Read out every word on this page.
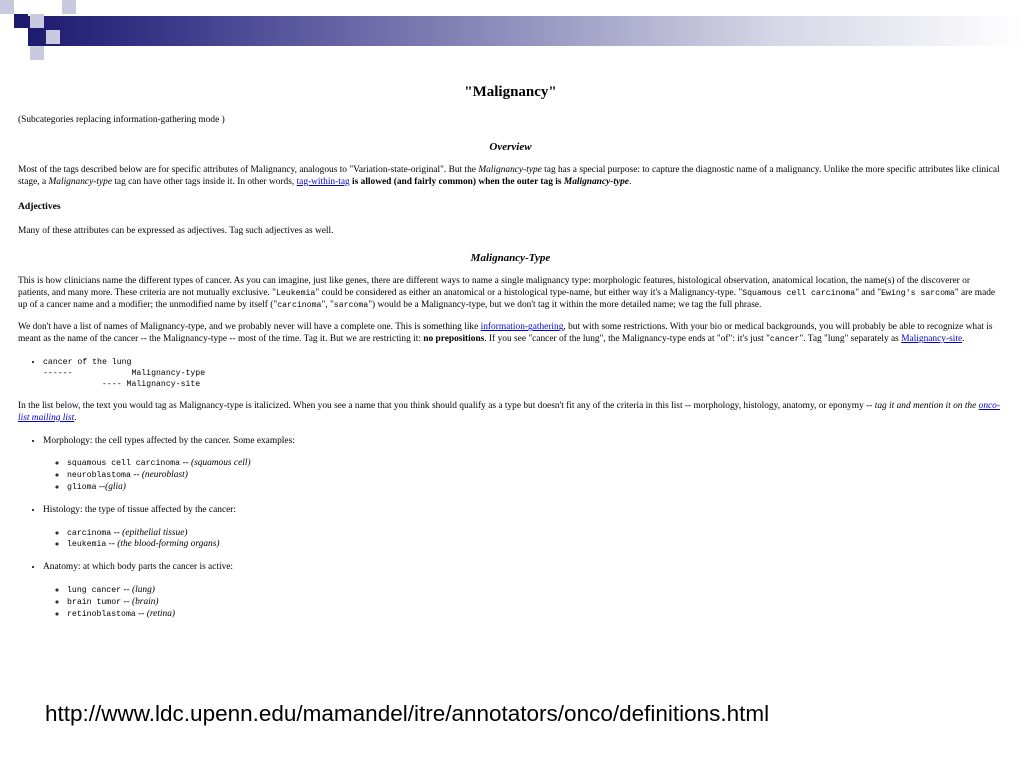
"Malignancy"

(Subcategories replacing information-gathering mode )

Overview

Most of the tags described below are for specific attributes of Malignancy, analogous to "Variation-state-original". But the Malignancy-type tag has a special purpose: to capture the diagnostic name of a malignancy. Unlike the more specific attributes like clinical stage, a Malignancy-type tag can have other tags inside it. In other words, tag-within-tag is allowed (and fairly common) when the outer tag is Malignancy-type.

Adjectives

Many of these attributes can be expressed as adjectives. Tag such adjectives as well.

Malignancy-Type

This is how clinicians name the different types of cancer. As you can imagine, just like genes, there are different ways to name a single malignancy type: morphologic features, histological observation, anatomical location, the name(s) of the discoverer or patients, and many more. These criteria are not mutually exclusive. "Leukemia" could be considered as either an anatomical or a histological type-name, but either way it's a Malignancy-type. "Squamous cell carcinoma" and "Ewing's sarcoma" are made up of a cancer name and a modifier; the unmodified name by itself ("carcinoma", "sarcoma") would be a Malignancy-type, but we don't tag it within the more detailed name; we tag the full phrase.

We don't have a list of names of Malignancy-type, and we probably never will have a complete one. This is something like information-gathering, but with some restrictions. With your bio or medical backgrounds, you will probably be able to recognize what is meant as the name of the cancer -- the Malignancy-type -- most of the time. Tag it. But we are restricting it: no prepositions. If you see "cancer of the lung", the Malignancy-type ends at "of": it's just "cancer". Tag "lung" separately as Malignancy-site.

• cancer of the lung
------            Malignancy-type
---- Malignancy-site

In the list below, the text you would tag as Malignancy-type is italicized. When you see a name that you think should qualify as a type but doesn't fit any of the criteria in this list -- morphology, histology, anatomy, or eponymy -- tag it and mention it on the onco-list mailing list.

• Morphology: the cell types affected by the cancer. Some examples:
◦ squamous cell carcinoma -- (squamous cell)
◦ neuroblastoma -- (neuroblast)
◦ glioma --(glia)
• Histology: the type of tissue affected by the cancer:
◦ carcinoma -- (epithelial tissue)
◦ leukemia -- (the blood-forming organs)
• Anatomy: at which body parts the cancer is active:
◦ lung cancer -- (lung)
◦ brain tumor -- (brain)
◦ retinoblastoma -- (retina)
http://www.ldc.upenn.edu/mamandel/itre/annotators/onco/definitions.html
